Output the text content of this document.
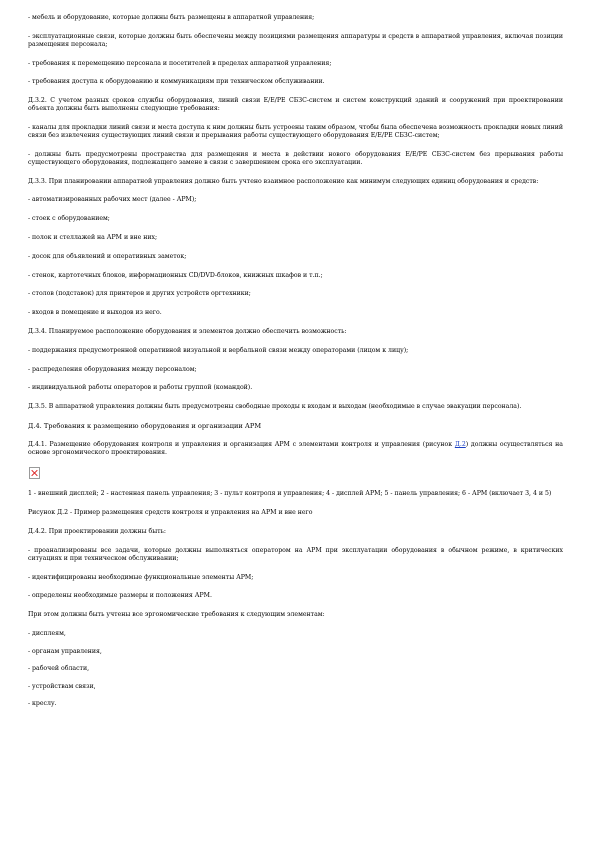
- мебель и оборудование, которые должны быть размещены в аппаратной управления;

- эксплуатационные связи, которые должны быть обеспечены между позициями размещения аппаратуры и средств в аппаратной управления, включая позиции размещения персонала;

- требования к перемещению персонала и посетителей в пределах аппаратной управления;

- требования доступа к оборудованию и коммуникациям при техническом обслуживании.

Д.3.2. С учетом разных сроков службы оборудования, линий связи Е/Е/РЕ СБЗС-систем и систем конструкций зданий и сооружений при проектировании объекта должны быть выполнены следующие требования:

- каналы для прокладки линий связи и места доступа к ним должны быть устроены таким образом, чтобы была обеспечена возможность прокладки новых линий связи без извлечения существующих линий связи и прерывания работы существующего оборудования Е/Е/РЕ СБЗС-систем;

- должны быть предусмотрены пространства для размещения и места в действии нового оборудования Е/Е/РЕ СБЗС-систем без прерывания работы существующего оборудования, подлежащего замене в связи с завершением срока его эксплуатации.

Д.3.3. При планировании аппаратной управления должно быть учтено взаимное расположение как минимум следующих единиц оборудования и средств:

- автоматизированных рабочих мест (далее - АРМ);

- стоек с оборудованием;

- полок и стеллажей на АРМ и вне них;

- досок для объявлений и оперативных заметок;

- стенок, картотечных блоков, информационных CD/DVD-блоков, книжных шкафов и т.п.;

- столов (подставок) для принтеров и других устройств оргтехники;

- входов в помещение и выходов из него.

Д.3.4. Планируемое расположение оборудования и элементов должно обеспечить возможность:

- поддержания предусмотренной оперативной визуальной и вербальной связи между операторами (лицом к лицу);

- распределения оборудования между персоналом;

- индивидуальной работы операторов и работы группой (командой).

Д.3.5. В аппаратной управления должны быть предусмотрены свободные проходы к входам и выходам (необходимые в случае эвакуации персонала).

Д.4. Требования к размещению оборудования и организации АРМ

Д.4.1. Размещение оборудования контроля и управления и организация АРМ с элементами контроля и управления (рисунок Д.2) должны осуществляться на основе эргономического проектирования.

1 - внешний дисплей; 2 - настенная панель управления; 3 - пульт контроля и управления; 4 - дисплей АРМ; 5 - панель управления; 6 - АРМ (включает 3, 4 и 5)

Рисунок Д.2 - Пример размещения средств контроля и управления на АРМ и вне него

Д.4.2. При проектировании должны быть:

- проанализированы все задачи, которые должны выполняться оператором на АРМ при эксплуатации оборудования в обычном режиме, в критических ситуациях и при техническом обслуживании;

- идентифицированы необходимые функциональные элементы АРМ;

- определены необходимые размеры и положения АРМ.

При этом должны быть учтены все эргономические требования к следующим элементам:

- дисплеям,

- органам управления,

- рабочей области,

- устройствам связи,

- креслу.
